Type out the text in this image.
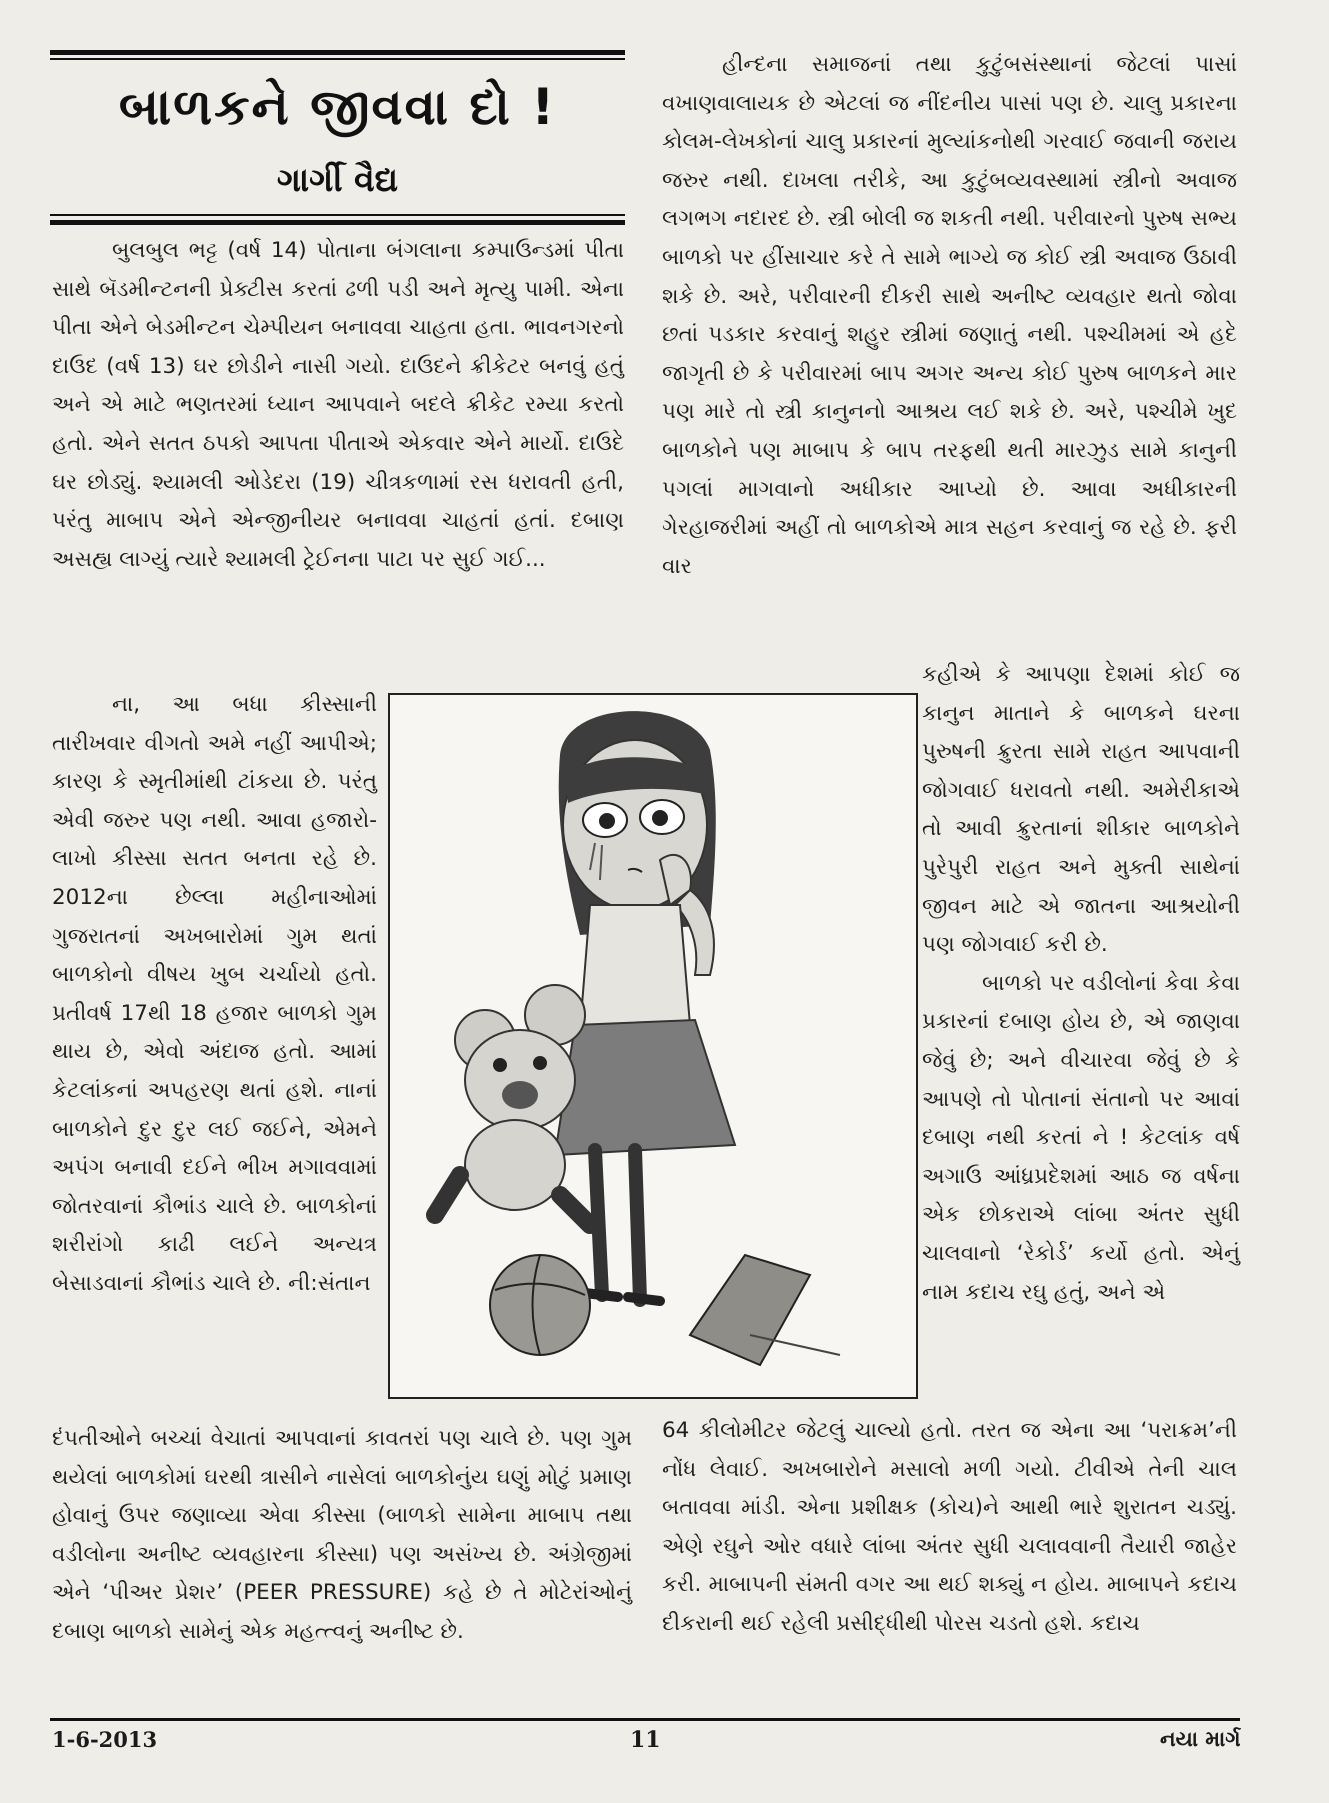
બાળકને જીવવા દો !
ગાર્ગી વૈદ્ય

બુલબુલ ભટ્ટ (વર્ષ 14) પોતાના બંગલાના કમ્પાઉન્ડમાં પીતા સાથે બૅડમીન્ટનની પ્રેક્ટીસ કરતાં ઢળી પડી અને મૃત્યુ પામી. એના પીતા એને બેડમીન્ટન ચેમ્પીયન બનાવવા ચાહતા હતા. ભાવનગરનો દાઉદ (વર્ષ 13) ઘર છોડીને નાસી ગયો. દાઉદને ક્રીકેટર બનવું હતું અને એ માટે ભણતરમાં ધ્યાન આપવાને બદલે ક્રીકેટ રમ્યા કરતો હતો. એને સતત ઠપકો આપતા પીતાએ એકવાર એને માર્યો. દાઉદે ઘર છોડ્યું. શ્યામલી ઓડેદરા (19) ચીત્રકળામાં રસ ધરાવતી હતી, પરંતુ માબાપ એને એન્જીનીયર બનાવવા ચાહતાં હતાં. દબાણ અસહ્ય લાગ્યું ત્યારે શ્યામલી ટ્રેઈનના પાટા પર સુઈ ગઈ...

ના, આ બધા કીસ્સાની તારીખવાર વીગતો અમે નહીં આપીએ; કારણ કે સ્મૃતીમાંથી ટાંકયા છે. પરંતુ એવી જરુર પણ નથી. આવા હજારો-લાખો કીસ્સા સતત બનતા રહે છે. 2012ના છેલ્લા મહીનાઓમાં ગુજરાતનાં અખબારોમાં ગુમ થતાં બાળકોનો વીષય ખુબ ચર્ચાયો હતો. પ્રતીવર્ષ 17થી 18 હજાર બાળકો ગુમ થાય છે, એવો અંદાજ હતો. આમાં કેટલાંકનાં અપહરણ થતાં હશે. નાનાં બાળકોને દુર દુર લઈ જઈને, એમને અપંગ બનાવી દઈને ભીખ મગાવવામાં જોતરવાનાં કૌભાંડ ચાલે છે. બાળકોનાં શરીરાંગો કાઢી લઈને અન્યત્ર બેસાડવાનાં કૌભાંડ ચાલે છે. ની:સંતાન

દંપતીઓને બચ્ચાં વેચાતાં આપવાનાં કાવતરાં પણ ચાલે છે. પણ ગુમ થયેલાં બાળકોમાં ઘરથી ત્રાસીને નાસેલાં બાળકોનુંય ઘણું મોટું પ્રમાણ હોવાનું ઉપર જણાવ્યા એવા કીસ્સા (બાળકો સામેના માબાપ તથા વડીલોના અનીષ્ટ વ્યવહારના કીસ્સા) પણ અસંખ્ય છે. અંગ્રેજીમાં એને ‘પીઅર પ્રેશર’ (PEER PRESSURE) કહે છે તે મોટેરાંઓનું દબાણ બાળકો સામેનું એક મહત્ત્વનું અનીષ્ટ છે.

હીન્દના સમાજનાં તથા કુટુંબસંસ્થાનાં જેટલાં પાસાં વખાણવાલાયક છે એટલાં જ નીંદનીય પાસાં પણ છે. ચાલુ પ્રકારના કોલમ-લેખકોનાં ચાલુ પ્રકારનાં મુલ્યાંકનોથી ગરવાઈ જવાની જરાય જરુર નથી. દાખલા તરીકે, આ કુટુંબવ્યવસ્થામાં સ્ત્રીનો અવાજ લગભગ નદારદ છે. સ્ત્રી બોલી જ શકતી નથી. પરીવારનો પુરુષ સભ્ય બાળકો પર હીંસાચાર કરે તે સામે ભાગ્યે જ કોઈ સ્ત્રી અવાજ ઉઠાવી શકે છે. અરે, પરીવારની દીકરી સાથે અનીષ્ટ વ્યવહાર થતો જોવા છતાં પડકાર કરવાનું શહુર સ્ત્રીમાં જણાતું નથી. પશ્ચીમમાં એ હદે જાગૃતી છે કે પરીવારમાં બાપ અગર અન્ય કોઈ પુરુષ બાળકને માર પણ મારે તો સ્ત્રી કાનુનનો આશ્રય લઈ શકે છે. અરે, પશ્ચીમે ખુદ બાળકોને પણ માબાપ કે બાપ તરફથી થતી મારઝુડ સામે કાનુની પગલાં માગવાનો અધીકાર આપ્યો છે. આવા અધીકારની ગેરહાજરીમાં અહીં તો બાળકોએ માત્ર સહન કરવાનું જ રહે છે. ફરી વાર

કહીએ કે આપણા દેશમાં કોઈ જ કાનુન માતાને કે બાળકને ઘરના પુરુષની ક્રુરતા સામે રાહત આપવાની જોગવાઈ ધરાવતો નથી. અમેરીકાએ તો આવી ક્રુરતાનાં શીકાર બાળકોને પુરેપુરી રાહત અને મુક્તી સાથેનાં જીવન માટે એ જાતના આશ્રયોની પણ જોગવાઈ કરી છે.

બાળકો પર વડીલોનાં કેવા કેવા પ્રકારનાં દબાણ હોય છે, એ જાણવા જેવું છે; અને વીચારવા જેવું છે કે આપણે તો પોતાનાં સંતાનો પર આવાં દબાણ નથી કરતાં ને ! કેટલાંક વર્ષ અગાઉ આંધ્રપ્રદેશમાં આઠ જ વર્ષના એક છોકરાએ લાંબા અંતર સુધી ચાલવાનો ‘રેકોર્ડ’ કર્યો હતો. એનું નામ કદાચ રઘુ હતું, અને એ

64 કીલોમીટર જેટલું ચાલ્યો હતો. તરત જ એના આ ‘પરાક્રમ’ની નોંધ લેવાઈ. અખબારોને મસાલો મળી ગયો. ટીવીએ તેની ચાલ બતાવવા માંડી. એના પ્રશીક્ષક (કોચ)ને આથી ભારે શુરાતન ચડ્યું. એણે રઘુને ઓર વધારે લાંબા અંતર સુધી ચલાવવાની તૈયારી જાહેર કરી. માબાપની સંમતી વગર આ થઈ શક્યું ન હોય. માબાપને કદાચ દીકરાની થઈ રહેલી પ્રસીદ્ધીથી પોરસ ચડતો હશે. કદાચ

1-6-2013	11	નયા માર્ગ
